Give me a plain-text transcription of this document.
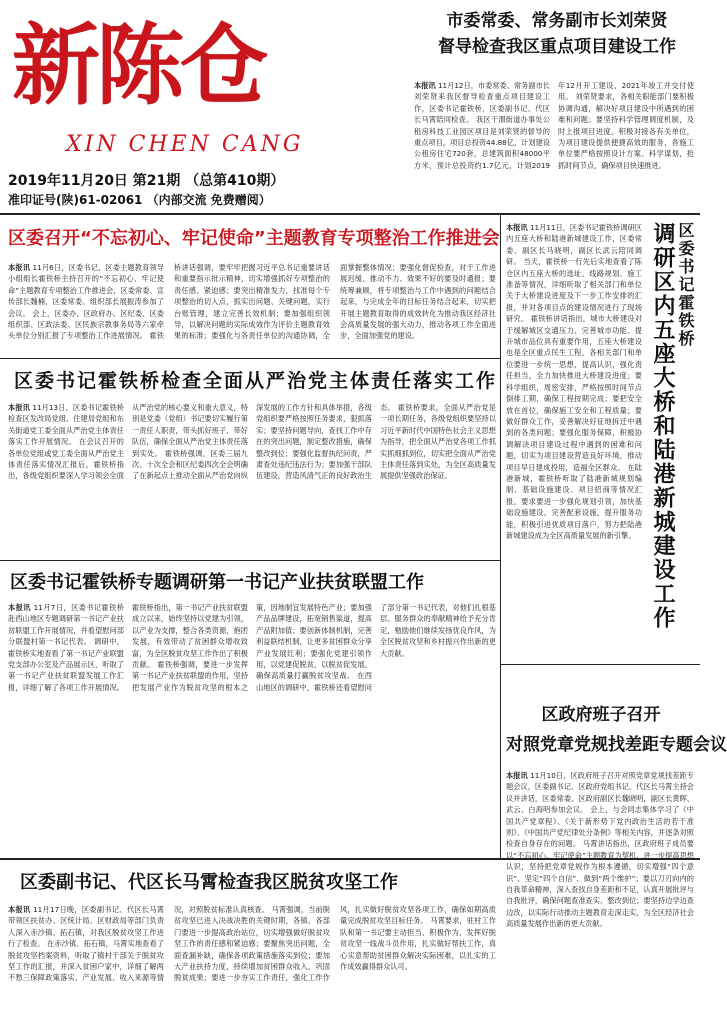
新陈仓
XIN CHEN CANG
2019年11月20日 第21期 （总第410期）
准印证号(陕)61-02061 （内部交流 免费赠阅）
市委常委、常务副市长刘荣贤
督导检查我区重点项目建设工作
本报讯 11月12日，市委常委、常务副市长刘荣贤来我区督导检查重点项目建设工作，区委书记霍铁桥，区委副书记、代区长马霄陪同检查。 我区干渭街道办事处公租房科技工业园区项目是刘荣贤的督导的重点项目，项目总投资44.88亿，计划建设公租房住宅720套，总建筑面积48000平方米，预计总投资约1.7亿元，计划2019年12月开工建设，2021年竣工并交付使用。 刘荣贤要求，各相关职能部门要积极协调沟通，解决好项目建设中所遇到的困难和问题；要坚持科学管理调度机制，及时上报项目进度，积极对接各有关单位，为项目建设提供便捷高效的服务，各施工单位要严格按照设计方案、科学谋划，抢抓时间节点，确保项目快速推进。
区委召开“不忘初心、牢记使命”主题教育专项整治工作推进会
本报讯 11月6日，区委书记、区委主题教育领导小组组长霍铁桥主持召开的“不忘初心、牢记使命”主题教育专项整治工作推进会，区委常委、宣传部长魏楠，区委常委、组织部长展振涛参加了会议。 会上，区委办、区政府办、区纪委、区委组织部、区政法委、区民族宗教事务局等六家牵头单位分别汇报了专项整治工作进展情况。 霍铁桥讲话强调，要牢牢把握习近平总书记重要讲话和重要指示批示精神，切实增强抓好专项整治的责任感、紧迫感；要突出精准发力，找准每个专项整治的切入点，抓实出问题、关键问题，实行台账管理，建立完善长效机制；要加强组织领导，以解决问题的实际成效作为评价主题教育效果的标准；要强化与各责任单位的沟通协调，全面掌握整体情况；要强化督促检查，对于工作进展迟缓、推动不力、效果不好的要及时通报；要统筹兼顾，将专项整治与工作中遇到的问题结合起来，与完成全年的目标任务结合起来，切实把开展主题教育取得的成效转化为推动我区经济社会高质量发展的强大动力，推动各项工作全面进步，全面加强党的建设。
区委书记霍铁桥检查全面从严治党主体责任落实工作
本报讯 11月13日，区委书记霍铁桥检查区发改局党组、住建局党组和东关街道党工委全面从严治党主体责任落实工作开展情况。 在会议召开的各单位党组或党工委全面从严治党主体责任落实情况汇报后，霍铁桥指出，各级党组织要深入学习领会全面从严治党的核心要义和重大意义，特别是党委（党组）书记要切实履行第一责任人职责，带头抓好班子、带好队伍，确保全面从严治党主体责任落到实处。 霍铁桥强调，区委三届九次、十次全会和区纪委四次全会明确了在新起点上推动全面从严治党向纵深发展的工作方针和具体举措，各级党组织要严格按照任务要求，狠抓落实；要坚持问题导向，查找工作中存在的突出问题，制定整改措施，确保整改到位；要强化监督执纪问责，严肃查处违纪违法行为；要加强干部队伍建设，营造风清气正的良好政治生态。 霍铁桥要求，全面从严治党是一项长期任务，各级党组织要坚持以习近平新时代中国特色社会主义思想为指导，把全面从严治党各项工作抓实抓细抓到位，切实把全面从严治党主体责任落到实处，为全区高质量发展提供坚强政治保证。
区委书记霍铁桥专题调研第一书记产业扶贫联盟工作
本报讯 11月7日，区委书记霍铁桥赴西山地区专题调研第一书记产业扶贫联盟工作开展情况，并看望慰问部分联盟村第一书记代表。 调研中，霍铁桥实地查看了第一书记产业联盟党支部办公室及产品展示区，听取了第一书记产业扶贫联盟发展工作汇报，详细了解了各项工作开展情况。 霍铁桥指出，第一书记产业扶贫联盟成立以来，始终坚持以党建为引领，以产业为支撑，整合各类资源，抱团发展，有效带动了贫困群众增收致富，为全区脱贫攻坚工作作出了积极贡献。 霍铁桥强调，要进一步发挥第一书记产业扶贫联盟的作用，坚持把发展产业作为脱贫攻坚的根本之策，因地制宜发展特色产业；要加强产品品牌建设，拓宽销售渠道，提高产品附加值；要创新体制机制，完善利益联结机制，让更多贫困群众分享产业发展红利；要强化党建引领作用，以党建促脱贫，以脱贫促发展，确保高质量打赢脱贫攻坚战。 在西山地区的调研中，霍铁桥还看望慰问了部分第一书记代表，对他们扎根基层、服务群众的奉献精神给予充分肯定，勉励他们继续发扬优良作风，为全区脱贫攻坚和乡村振兴作出新的更大贡献。
本报讯 11月11日，区委书记霍铁桥调研区内五座大桥和陆港新城建设工作，区委常委、副区长马晓明，副区长武云陪同调研。 当天，霍铁桥一行先后实地查看了陈仓区内五座大桥的选址、线路规划、施工准备等情况，详细听取了相关部门和单位关于大桥建设进度及下一步工作安排的汇报，并对各项目点的建设情况进行了现场研究。 霍铁桥讲话指出，城市大桥建设对于缓解城区交通压力、完善城市功能、提升城市品位具有重要作用，五座大桥建设也是全区重点民生工程，各相关部门和单位要进一步统一思想，提高认识，强化责任担当，全力加快推进大桥建设进度；要科学组织，周密安排，严格按照时间节点倒排工期，确保工程按期完成；要把安全放在首位，确保施工安全和工程质量；要做好群众工作，妥善解决好征地拆迁中遇到的各类问题；要强化服务保障，积极协调解决项目建设过程中遇到的困难和问题，切实为项目建设营造良好环境，推动项目早日建成投用，造福全区群众。 在陆港新城，霍铁桥听取了陆港新城规划编制、基础设施建设、项目招商等情况汇报，要求要进一步强化规划引领，加快基础设施建设，完善配套设施，提升服务功能，积极引进优质项目落户，努力把陆港新城建设成为全区高质量发展的新引擎。
区委书记霍铁桥
调研区内五座大桥和陆港新城建设工作
区政府班子召开
对照党章党规找差距专题会议
本报讯 11月10日，区政府班子召开对照党章党规找差距专题会议，区委副书记、区政府党组书记、代区长马霄主持会议并讲话，区委常委、区政府副区长魏晓明，副区长黄晖、武云、白海明参加会议。 会上，与会同志集体学习了《中国共产党章程》、《关于新形势下党内政治生活的若干准则》、《中国共产党纪律处分条例》等相关内容，并逐条对照检查自身存在的问题。 马霄讲话指出，区政府班子成员要以“不忘初心、牢记使命”主题教育为契机，进一步提高思想认识，坚持把党章党规作为根本遵循，切实增强“四个意识”、坚定“四个自信”、做到“两个维护”；要以刀刃向内的自我革命精神，深入查找自身差距和不足，认真开展批评与自我批评，确保问题查准查实、整改到位；要坚持边学边查边改，以实际行动推动主题教育走深走实，为全区经济社会高质量发展作出新的更大贡献。
区委副书记、代区长马霄检查我区脱贫攻坚工作
本报讯 11月17日晚，区委副书记、代区长马霄带领区扶贫办、区统计局、区财政局等部门负责人深入赤沙镇、拓石镇，对我区脱贫攻坚工作进行了检查。 在赤沙镇、拓石镇，马霄实地查看了脱贫攻坚档案资料，听取了镇村干部关于脱贫攻坚工作的汇报，并深入贫困户家中，详细了解两不愁三保障政策落实、产业发展、收入来源等情况，对照脱贫标准认真核查。 马霄强调，当前脱贫攻坚已进入决战决胜的关键时期，各镇、各部门要进一步提高政治站位，切实增强做好脱贫攻坚工作的责任感和紧迫感；要聚焦突出问题，全面查漏补缺，确保各项政策措施落实到位；要加大产业扶持力度，持续增加贫困群众收入，巩固脱贫成果；要进一步夯实工作责任，强化工作作风，扎实做好脱贫攻坚各项工作，确保如期高质量完成脱贫攻坚目标任务。 马霄要求，驻村工作队和第一书记要主动担当、积极作为，发挥好脱贫攻坚一线战斗员作用，扎实做好帮扶工作，真心实意帮助贫困群众解决实际困难，以扎实的工作成效赢得群众认可。
